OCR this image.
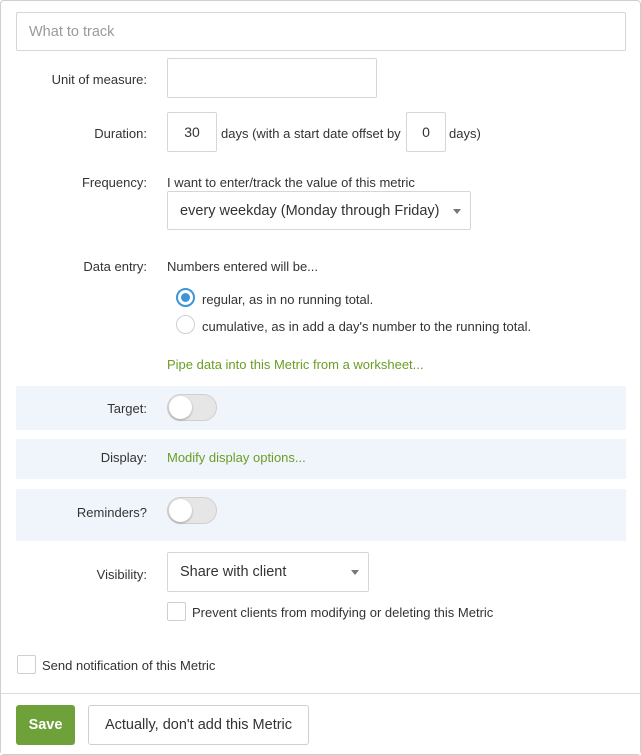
What to track
Unit of measure:
Duration:
30	days (with a start date offset by
0	days)
Frequency: I want to enter/track the value of this metric
every weekday (Monday through Friday)
Data entry: Numbers entered will be...
regular, as in no running total.
cumulative, as in add a day's number to the running total.
Pipe data into this Metric from a worksheet...
Target:
Display: Modify display options...
Reminders?
Visibility: Share with client
Prevent clients from modifying or deleting this Metric
Send notification of this Metric
Save	Actually, don't add this Metric
